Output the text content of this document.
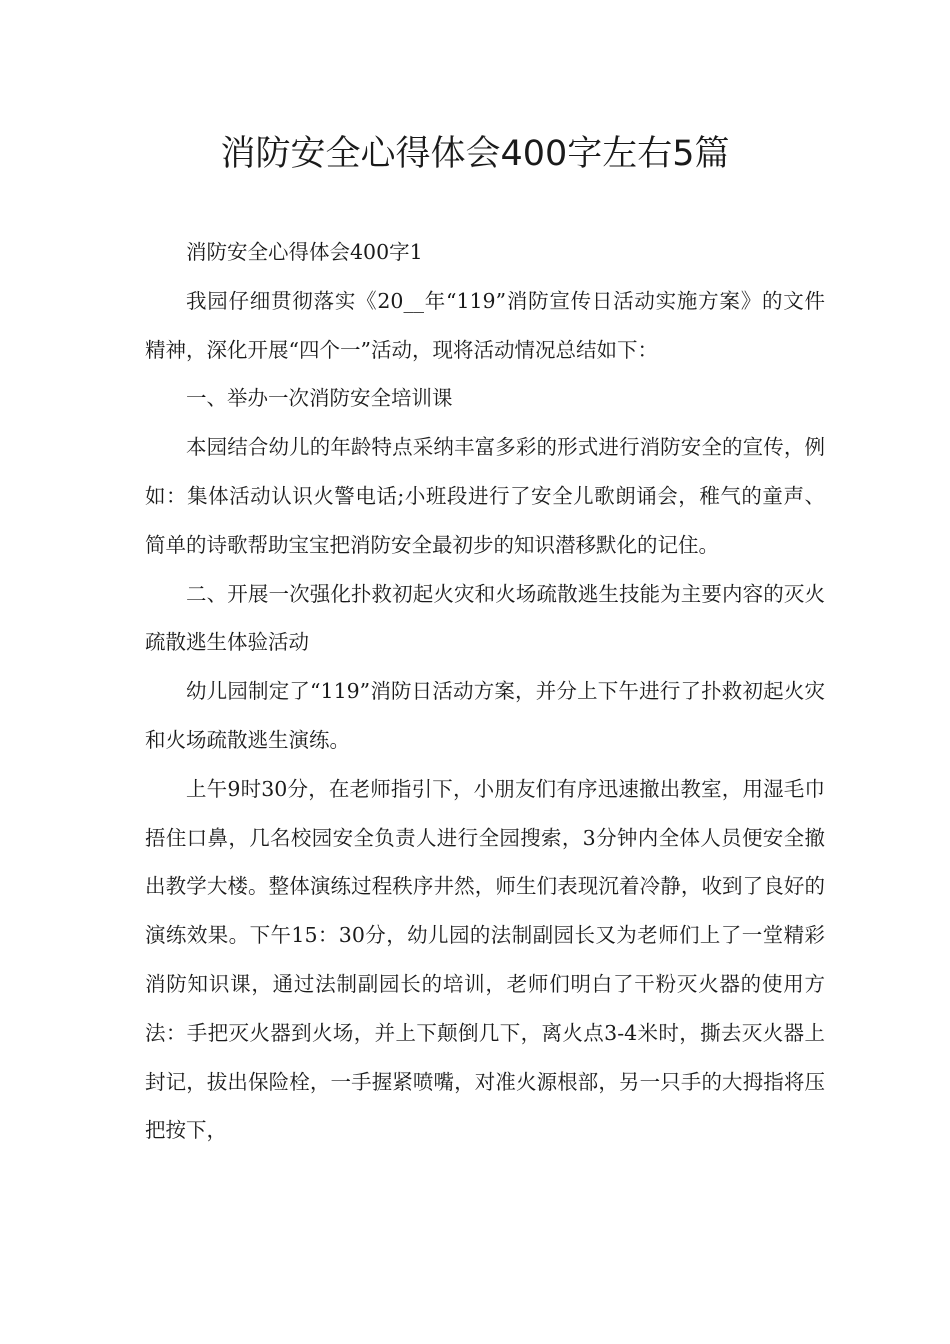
消防安全心得体会400字左右5篇

消防安全心得体会400字1

我园仔细贯彻落实《20__年“119”消防宣传日活动实施方案》的文件精神，深化开展“四个一”活动，现将活动情况总结如下：

一、举办一次消防安全培训课

本园结合幼儿的年龄特点采纳丰富多彩的形式进行消防安全的宣传，例如：集体活动认识火警电话;小班段进行了安全儿歌朗诵会，稚气的童声、简单的诗歌帮助宝宝把消防安全最初步的知识潜移默化的记住。

二、开展一次强化扑救初起火灾和火场疏散逃生技能为主要内容的灭火疏散逃生体验活动

幼儿园制定了“119”消防日活动方案，并分上下午进行了扑救初起火灾和火场疏散逃生演练。

上午9时30分，在老师指引下，小朋友们有序迅速撤出教室，用湿毛巾捂住口鼻，几名校园安全负责人进行全园搜索，3分钟内全体人员便安全撤出教学大楼。整体演练过程秩序井然，师生们表现沉着冷静，收到了良好的演练效果。下午15：30分，幼儿园的法制副园长又为老师们上了一堂精彩消防知识课，通过法制副园长的培训，老师们明白了干粉灭火器的使用方法：手把灭火器到火场，并上下颠倒几下，离火点3-4米时，撕去灭火器上封记，拔出保险栓，一手握紧喷嘴，对准火源根部，另一只手的大拇指将压把按下，
